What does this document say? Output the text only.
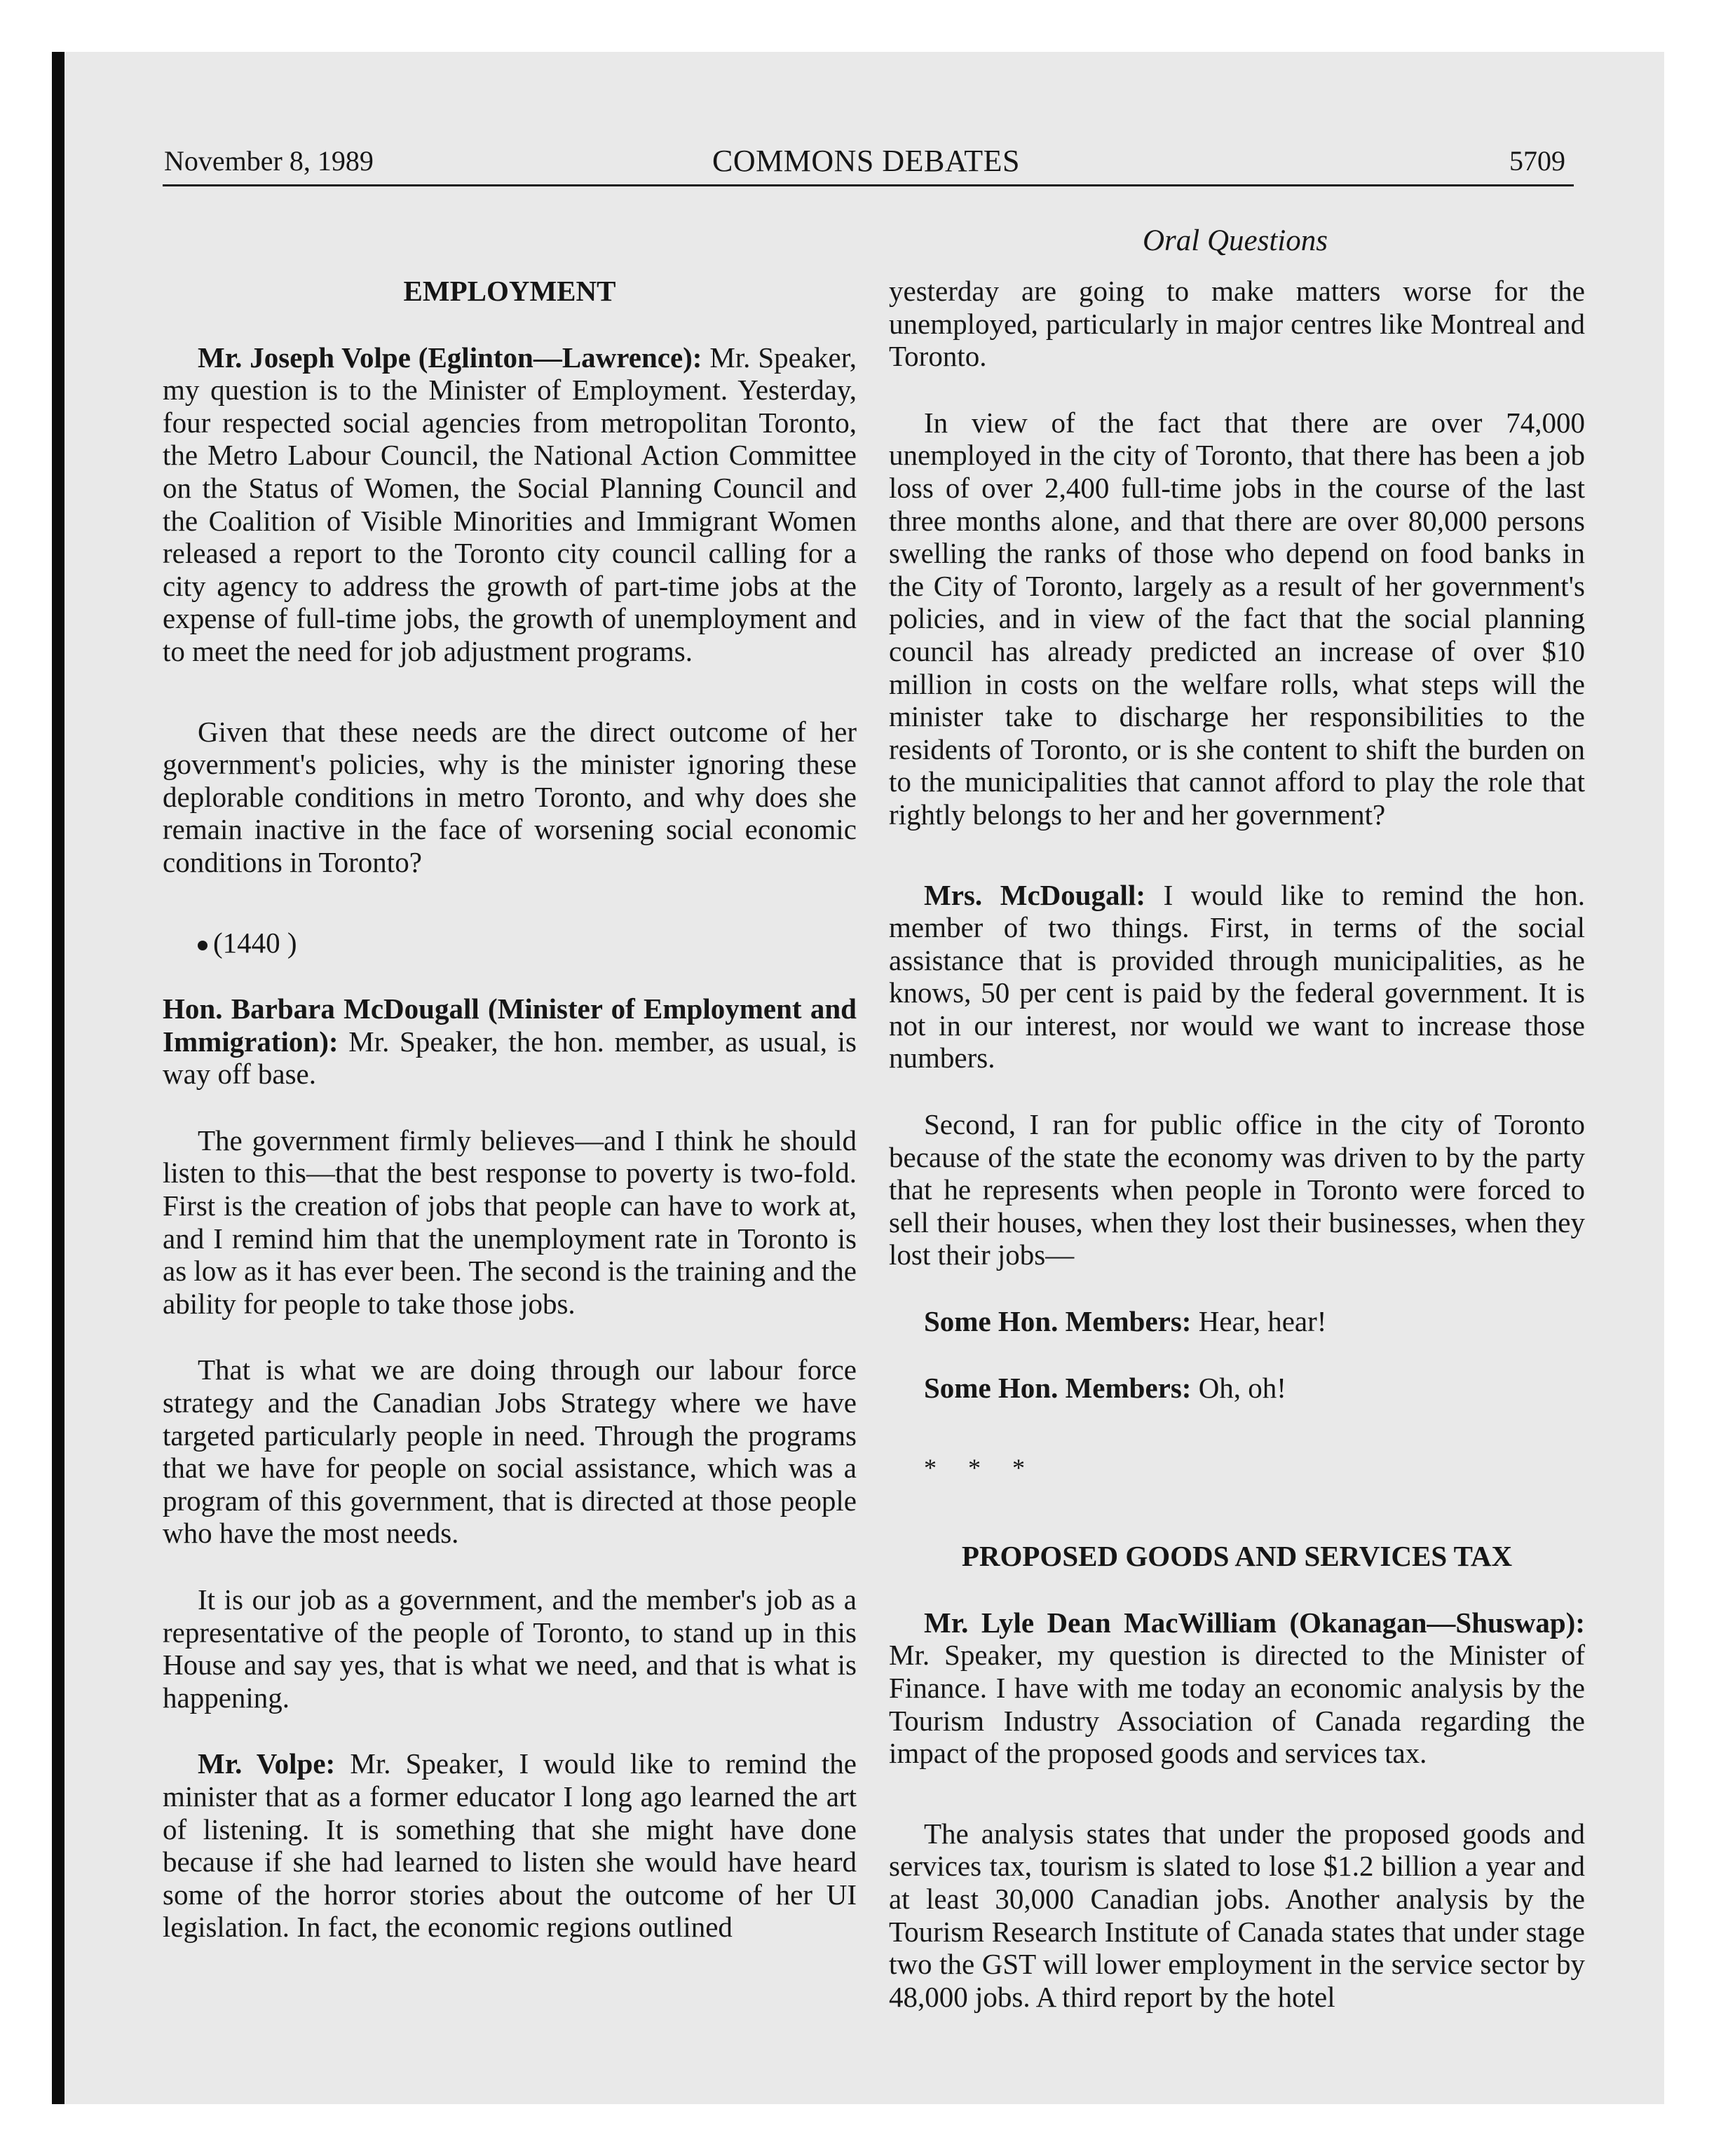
November 8, 1989	COMMONS DEBATES	5709
Oral Questions
EMPLOYMENT

Mr. Joseph Volpe (Eglinton—Lawrence): Mr. Speaker, my question is to the Minister of Employment. Yesterday, four respected social agencies from metropolitan Toronto, the Metro Labour Council, the National Action Committee on the Status of Women, the Social Planning Council and the Coalition of Visible Minorities and Immigrant Women released a report to the Toronto city council calling for a city agency to address the growth of part-time jobs at the expense of full-time jobs, the growth of unemployment and to meet the need for job adjustment programs.

Given that these needs are the direct outcome of her government's policies, why is the minister ignoring these deplorable conditions in metro Toronto, and why does she remain inactive in the face of worsening social economic conditions in Toronto?

(1440 )

Hon. Barbara McDougall (Minister of Employment and Immigration): Mr. Speaker, the hon. member, as usual, is way off base.

The government firmly believes—and I think he should listen to this—that the best response to poverty is two-fold. First is the creation of jobs that people can have to work at, and I remind him that the unemployment rate in Toronto is as low as it has ever been. The second is the training and the ability for people to take those jobs.

That is what we are doing through our labour force strategy and the Canadian Jobs Strategy where we have targeted particularly people in need. Through the programs that we have for people on social assistance, which was a program of this government, that is directed at those people who have the most needs.

It is our job as a government, and the member's job as a representative of the people of Toronto, to stand up in this House and say yes, that is what we need, and that is what is happening.

Mr. Volpe: Mr. Speaker, I would like to remind the minister that as a former educator I long ago learned the art of listening. It is something that she might have done because if she had learned to listen she would have heard some of the horror stories about the outcome of her UI legislation. In fact, the economic regions outlined

yesterday are going to make matters worse for the unemployed, particularly in major centres like Montreal and Toronto.

In view of the fact that there are over 74,000 unemployed in the city of Toronto, that there has been a job loss of over 2,400 full-time jobs in the course of the last three months alone, and that there are over 80,000 persons swelling the ranks of those who depend on food banks in the City of Toronto, largely as a result of her government's policies, and in view of the fact that the social planning council has already predicted an increase of over $10 million in costs on the welfare rolls, what steps will the minister take to discharge her responsibilities to the residents of Toronto, or is she content to shift the burden on to the municipalities that cannot afford to play the role that rightly belongs to her and her government?

Mrs. McDougall: I would like to remind the hon. member of two things. First, in terms of the social assistance that is provided through municipalities, as he knows, 50 per cent is paid by the federal government. It is not in our interest, nor would we want to increase those numbers.

Second, I ran for public office in the city of Toronto because of the state the economy was driven to by the party that he represents when people in Toronto were forced to sell their houses, when they lost their businesses, when they lost their jobs—

Some Hon. Members: Hear, hear!

Some Hon. Members: Oh, oh!

* * *

PROPOSED GOODS AND SERVICES TAX

Mr. Lyle Dean MacWilliam (Okanagan—Shuswap): Mr. Speaker, my question is directed to the Minister of Finance. I have with me today an economic analysis by the Tourism Industry Association of Canada regarding the impact of the proposed goods and services tax.

The analysis states that under the proposed goods and services tax, tourism is slated to lose $1.2 billion a year and at least 30,000 Canadian jobs. Another analysis by the Tourism Research Institute of Canada states that under stage two the GST will lower employment in the service sector by 48,000 jobs. A third report by the hotel
